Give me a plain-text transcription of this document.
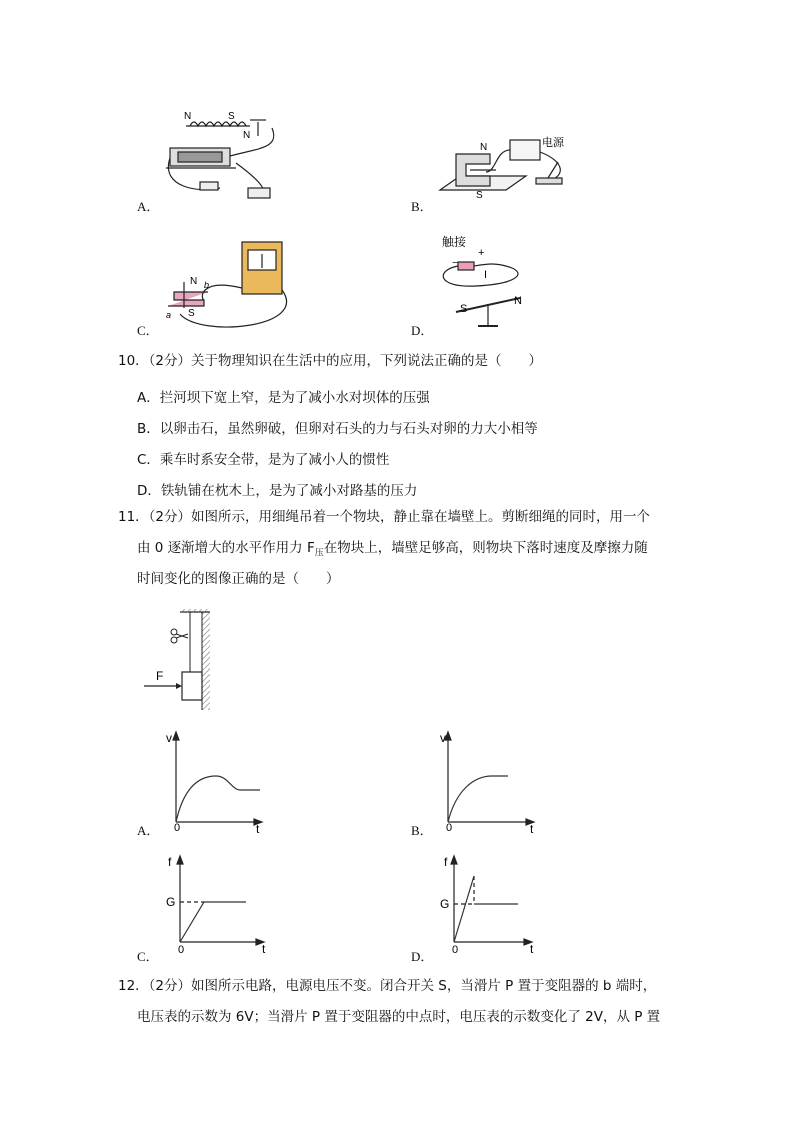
A．
N	S
N
B．
N
S
电源
C．
N
S
a
b
D．
触接
+
−
I
N
S
10．（2分）关于物理知识在生活中的应用，下列说法正确的是（　　）
A．拦河坝下宽上窄，是为了减小水对坝体的压强
B．以卵击石，虽然卵破，但卵对石头的力与石头对卵的力大小相等
C．乘车时系安全带，是为了减小人的惯性
D．铁轨铺在枕木上，是为了减小对路基的压力
11．（2分）如图所示，用细绳吊着一个物块，静止靠在墙壁上。剪断细绳的同时，用一个
由 0 逐渐增大的水平作用力 $F_压$在物块上，墙壁足够高，则物块下落时速度及摩擦力随
时间变化的图像正确的是（　　）
F
A．
v
0	t	B．
v
0	t
C．
f
G
0	t	D．
f
G
0	t
12．（2分）如图所示电路，电源电压不变。闭合开关 S，当滑片 P 置于变阻器的 b 端时，
电压表的示数为 6V；当滑片 P 置于变阻器的中点时，电压表的示数变化了 2V，从 P 置
